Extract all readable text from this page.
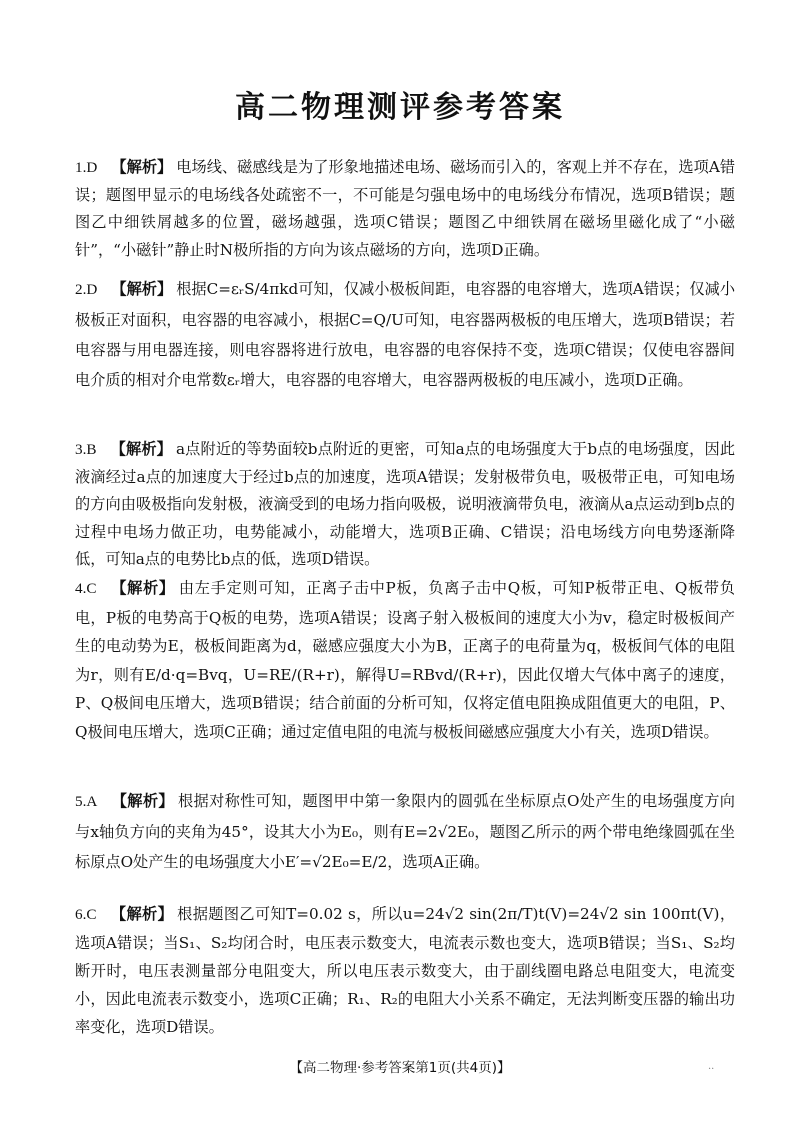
高二物理测评参考答案
1.D 【解析】 电场线、磁感线是为了形象地描述电场、磁场而引入的，客观上并不存在，选项A错误；题图甲显示的电场线各处疏密不一，不可能是匀强电场中的电场线分布情况，选项B错误；题图乙中细铁屑越多的位置，磁场越强，选项C错误；题图乙中细铁屑在磁场里磁化成了“小磁针”，“小磁针”静止时N极所指的方向为该点磁场的方向，选项D正确。
2.D 【解析】 根据C=εᵣS/4πkd可知，仅减小极板间距，电容器的电容增大，选项A错误；仅减小极板正对面积，电容器的电容减小，根据C=Q/U可知，电容器两极板的电压增大，选项B错误；若电容器与用电器连接，则电容器将进行放电，电容器的电容保持不变，选项C错误；仅使电容器间电介质的相对介电常数εᵣ增大，电容器的电容增大，电容器两极板的电压减小，选项D正确。
3.B 【解析】 a点附近的等势面较b点附近的更密，可知a点的电场强度大于b点的电场强度，因此液滴经过a点的加速度大于经过b点的加速度，选项A错误；发射极带负电，吸极带正电，可知电场的方向由吸极指向发射极，液滴受到的电场力指向吸极，说明液滴带负电，液滴从a点运动到b点的过程中电场力做正功，电势能减小，动能增大，选项B正确、C错误；沿电场线方向电势逐渐降低，可知a点的电势比b点的低，选项D错误。
4.C 【解析】 由左手定则可知，正离子击中P板，负离子击中Q板，可知P板带正电、Q板带负电，P板的电势高于Q板的电势，选项A错误；设离子射入极板间的速度大小为v，稳定时极板间产生的电动势为E，极板间距离为d，磁感应强度大小为B，正离子的电荷量为q，极板间气体的电阻为r，则有E/d·q=Bvq，U=RE/(R+r)，解得U=RBvd/(R+r)，因此仅增大气体中离子的速度，P、Q极间电压增大，选项B错误；结合前面的分析可知，仅将定值电阻换成阻值更大的电阻，P、Q极间电压增大，选项C正确；通过定值电阻的电流与极板间磁感应强度大小有关，选项D错误。
5.A 【解析】 根据对称性可知，题图甲中第一象限内的圆弧在坐标原点O处产生的电场强度方向与x轴负方向的夹角为45°，设其大小为E₀，则有E=2√2E₀，题图乙所示的两个带电绝缘圆弧在坐标原点O处产生的电场强度大小E′=√2E₀=E/2，选项A正确。
6.C 【解析】 根据题图乙可知T=0.02 s，所以u=24√2 sin(2π/T)t(V)=24√2 sin 100πt(V)，选项A错误；当S₁、S₂均闭合时，电压表示数变大，电流表示数也变大，选项B错误；当S₁、S₂均断开时，电压表测量部分电阻变大，所以电压表示数变大，由于副线圈电路总电阻变大，电流变小，因此电流表示数变小，选项C正确；R₁、R₂的电阻大小关系不确定，无法判断变压器的输出功率变化，选项D错误。
【高二物理·参考答案第1页(共4页)】	··
